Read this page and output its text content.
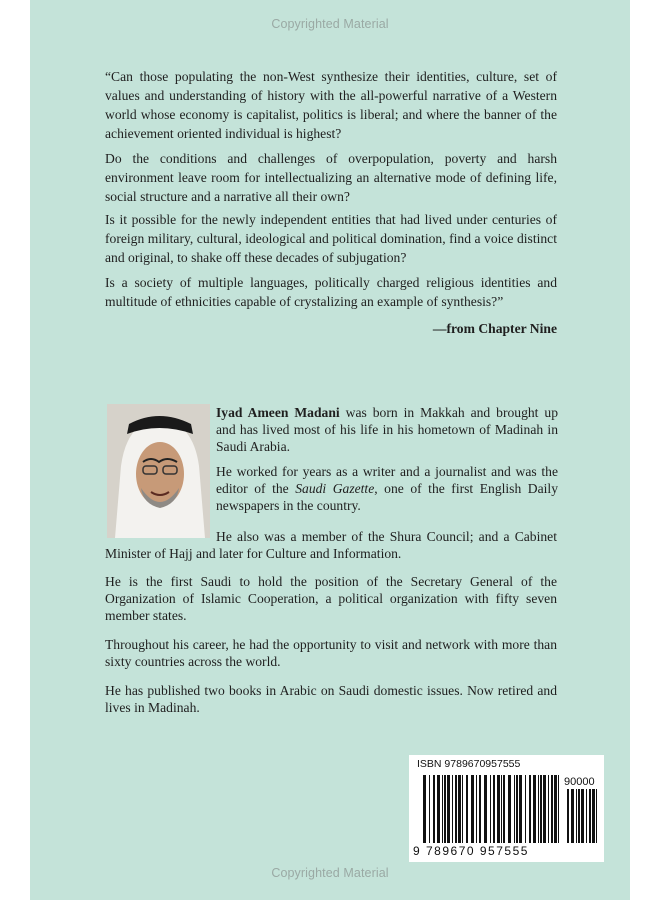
Copyrighted Material

“Can those populating the non-West synthesize their identities, culture, set of values and understanding of history with the all-powerful narrative of a Western world whose economy is capitalist, politics is liberal; and where the banner of the achievement oriented individual is highest?

Do the conditions and challenges of overpopulation, poverty and harsh environment leave room for intellectualizing an alternative mode of defining life, social structure and a narrative all their own?

Is it possible for the newly independent entities that had lived under centuries of foreign military, cultural, ideological and political domination, find a voice distinct and original, to shake off these decades of subjugation?

Is a society of multiple languages, politically charged religious identities and multitude of ethnicities capable of crystalizing an example of synthesis?”

—from Chapter Nine

Iyad Ameen Madani was born in Makkah and brought up and has lived most of his life in his hometown of Madinah in Saudi Arabia.

He worked for years as a writer and a journalist and was the editor of the Saudi Gazette, one of the first English Daily newspapers in the country.

He also was a member of the Shura Council; and a Cabinet Minister of Hajj and later for Culture and Information.

He is the first Saudi to hold the position of the Secretary General of the Organization of Islamic Cooperation, a political organization with fifty seven member states.

Throughout his career, he had the opportunity to visit and network with more than sixty countries across the world.

He has published two books in Arabic on Saudi domestic issues. Now retired and lives in Madinah.

ISBN 9789670957555
90000
9 789670 957555
Copyrighted Material
